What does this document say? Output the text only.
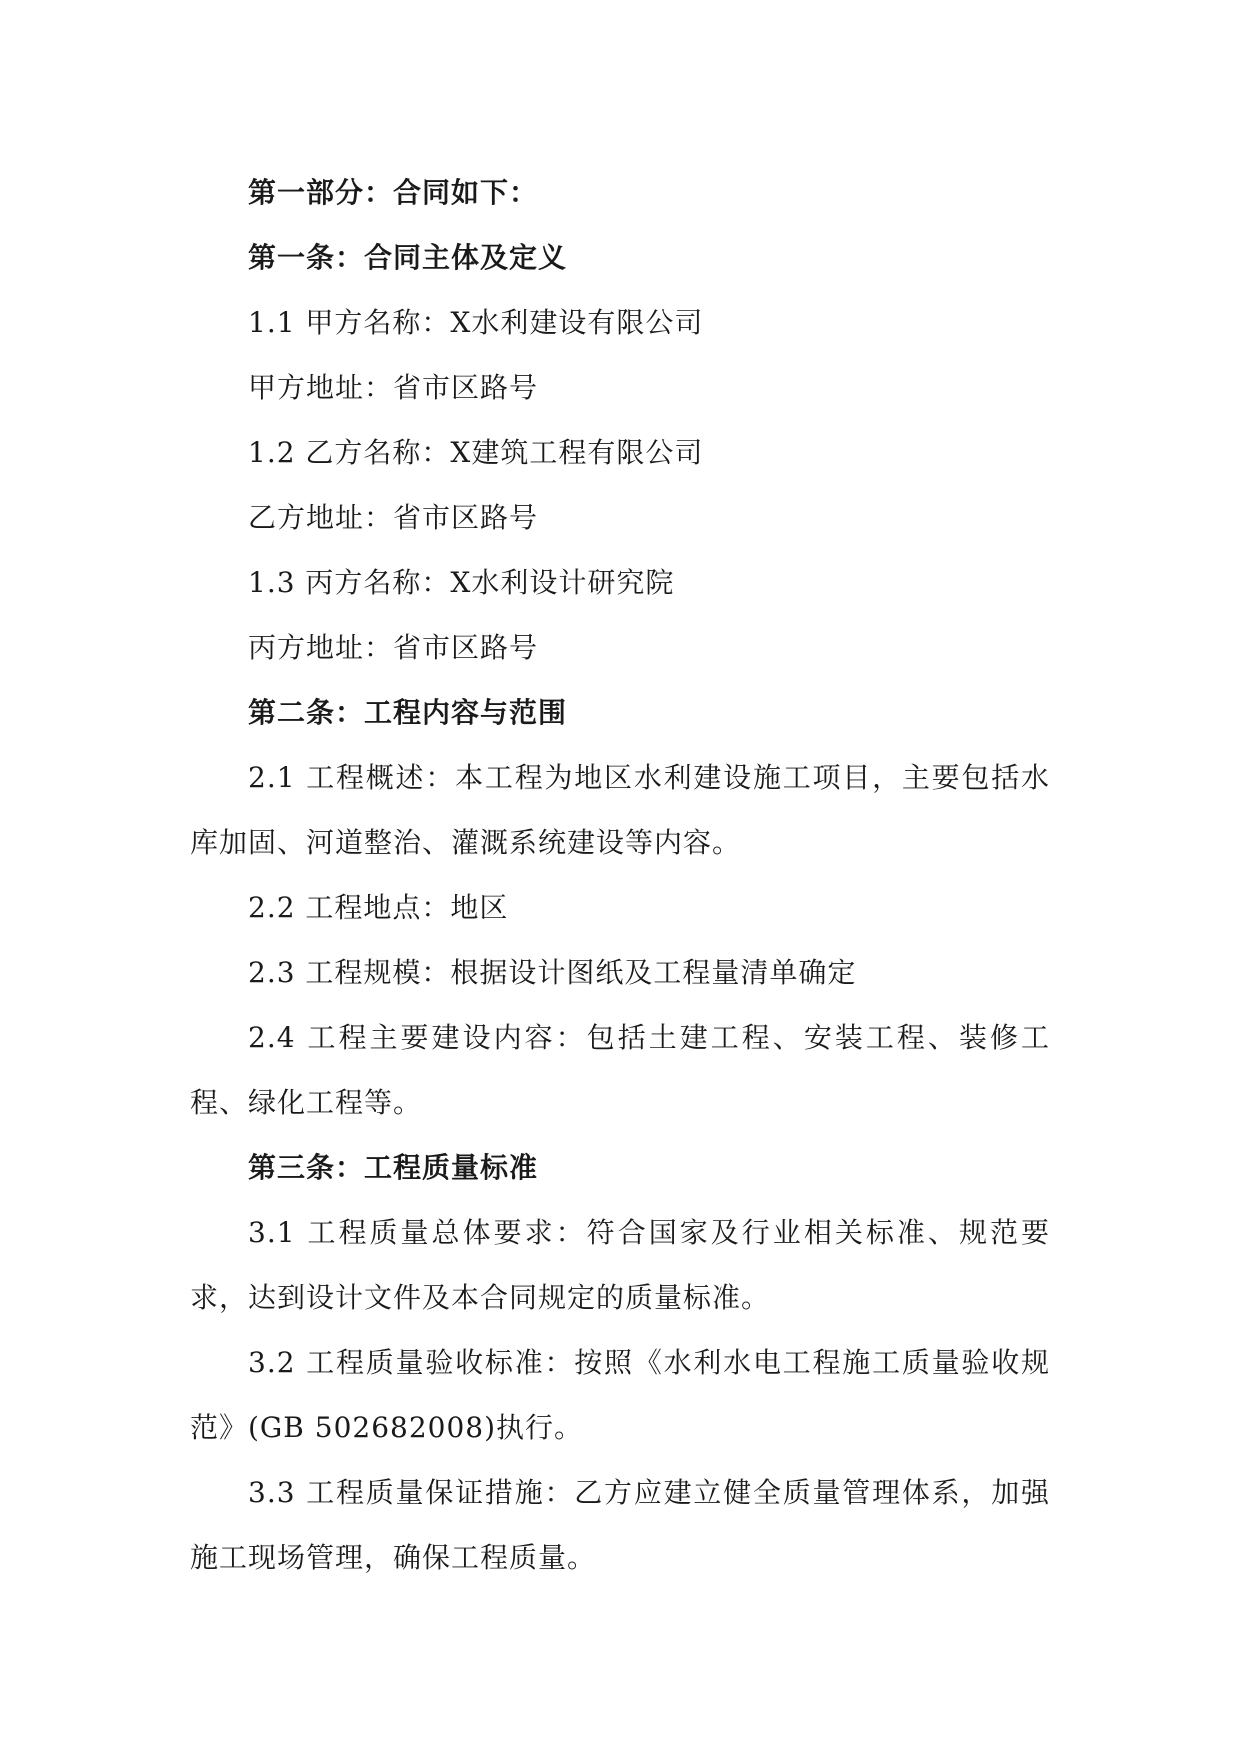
第一部分：合同如下：
第一条：合同主体及定义
1.1 甲方名称：X水利建设有限公司
甲方地址：省市区路号
1.2 乙方名称：X建筑工程有限公司
乙方地址：省市区路号
1.3 丙方名称：X水利设计研究院
丙方地址：省市区路号
第二条：工程内容与范围
2.1 工程概述：本工程为地区水利建设施工项目，主要包括水库加固、河道整治、灌溉系统建设等内容。
2.2 工程地点：地区
2.3 工程规模：根据设计图纸及工程量清单确定
2.4 工程主要建设内容：包括土建工程、安装工程、装修工程、绿化工程等。
第三条：工程质量标准
3.1 工程质量总体要求：符合国家及行业相关标准、规范要求，达到设计文件及本合同规定的质量标准。
3.2 工程质量验收标准：按照《水利水电工程施工质量验收规范》(GB 502682008)执行。
3.3 工程质量保证措施：乙方应建立健全质量管理体系，加强施工现场管理，确保工程质量。
